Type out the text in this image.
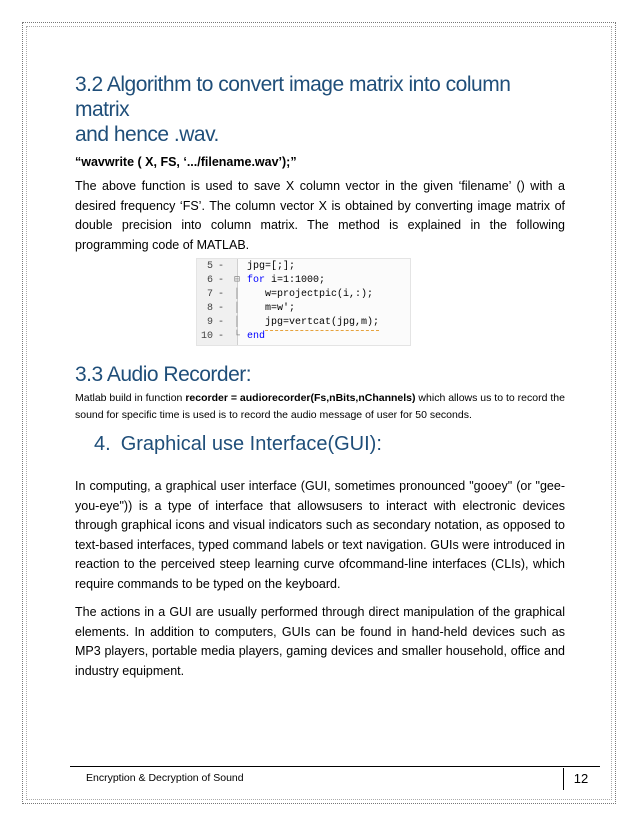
3.2 Algorithm to convert image matrix into column matrix
and hence .wav.
“wavwrite ( X, FS, ‘.../filename.wav’);”

The above function is used to save X column vector in the given ‘filename’ () with a desired frequency ‘FS’. The column vector X is obtained by converting image matrix of double precision into column matrix. The method is explained in the following programming code of MATLAB.

5 - jpg=[;];
6 - ⊟ for i=1:1000;
7 - │	w=projectpic(i,:);
8 - │	m=w';
9 - │	jpg=vertcat(jpg,m);
10 - └ end
3.3 Audio Recorder:

Matlab build in function recorder = audiorecorder(Fs,nBits,nChannels) which allows us to to record the sound for specific time is used is to record the audio message of user for 50 seconds.

4. Graphical use Interface(GUI):

In computing, a graphical user interface (GUI, sometimes pronounced "gooey" (or "gee-you-eye")) is a type of interface that allowsusers to interact with electronic devices through graphical icons and visual indicators such as secondary notation, as opposed to text-based interfaces, typed command labels or text navigation. GUIs were introduced in reaction to the perceived steep learning curve ofcommand-line interfaces (CLIs), which require commands to be typed on the keyboard.

The actions in a GUI are usually performed through direct manipulation of the graphical elements. In addition to computers, GUIs can be found in hand-held devices such as MP3 players, portable media players, gaming devices and smaller household, office and industry equipment.

Encryption & Decryption of Sound	12
